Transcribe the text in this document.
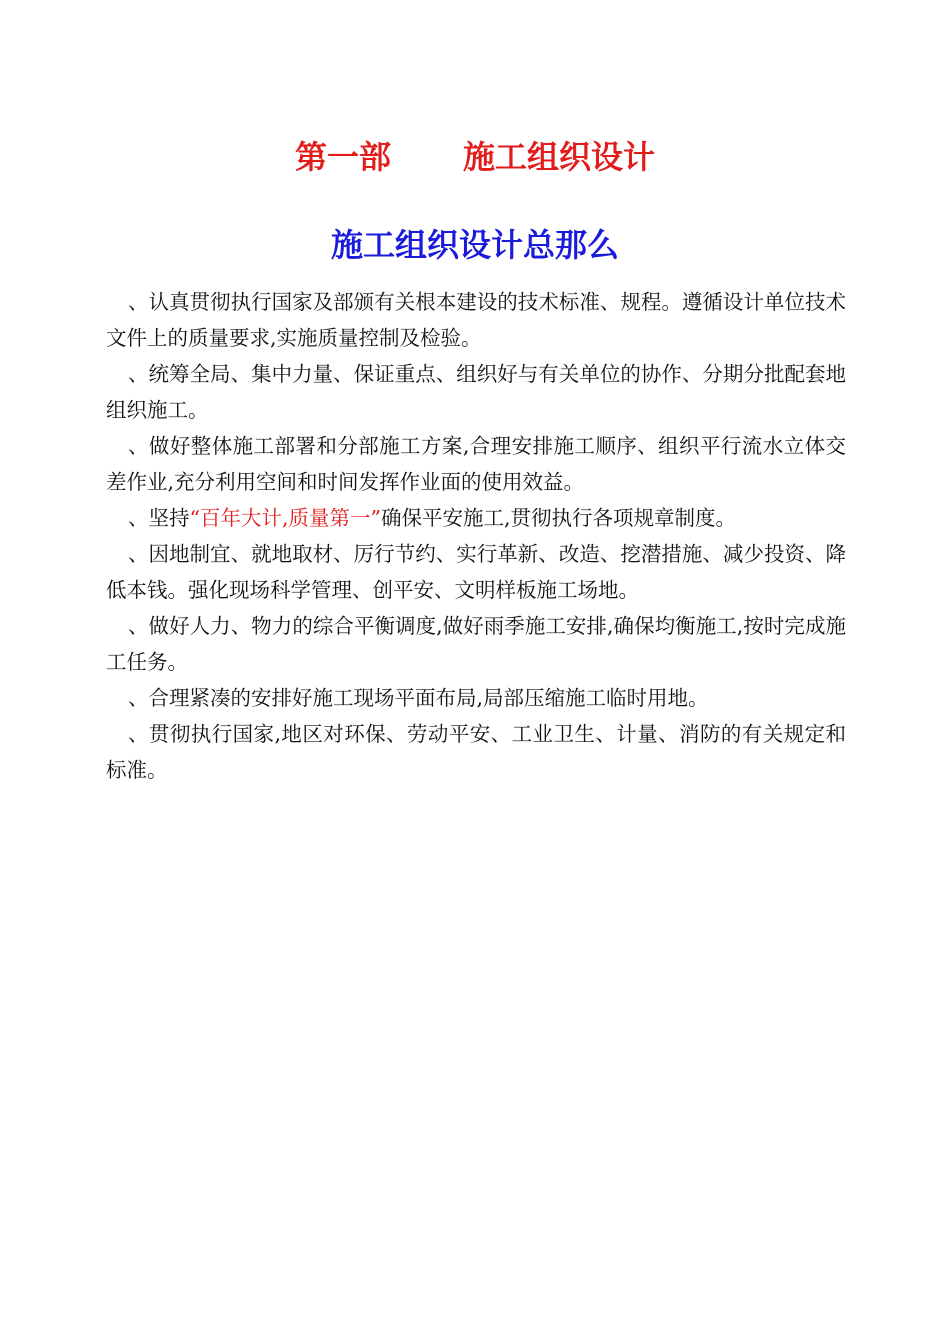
第一部 施工组织设计
施工组织设计总那么
、认真贯彻执行国家及部颁有关根本建设的技术标准、规程。遵循设计单位技术文件上的质量要求,实施质量控制及检验。
、统筹全局、集中力量、保证重点、组织好与有关单位的协作、分期分批配套地组织施工。
、做好整体施工部署和分部施工方案,合理安排施工顺序、组织平行流水立体交差作业,充分利用空间和时间发挥作业面的使用效益。
、坚持“百年大计,质量第一”确保平安施工,贯彻执行各项规章制度。
、因地制宜、就地取材、厉行节约、实行革新、改造、挖潜措施、减少投资、降低本钱。强化现场科学管理、创平安、文明样板施工场地。
、做好人力、物力的综合平衡调度,做好雨季施工安排,确保均衡施工,按时完成施工任务。
、合理紧凑的安排好施工现场平面布局,局部压缩施工临时用地。
、贯彻执行国家,地区对环保、劳动平安、工业卫生、计量、消防的有关规定和标准。
